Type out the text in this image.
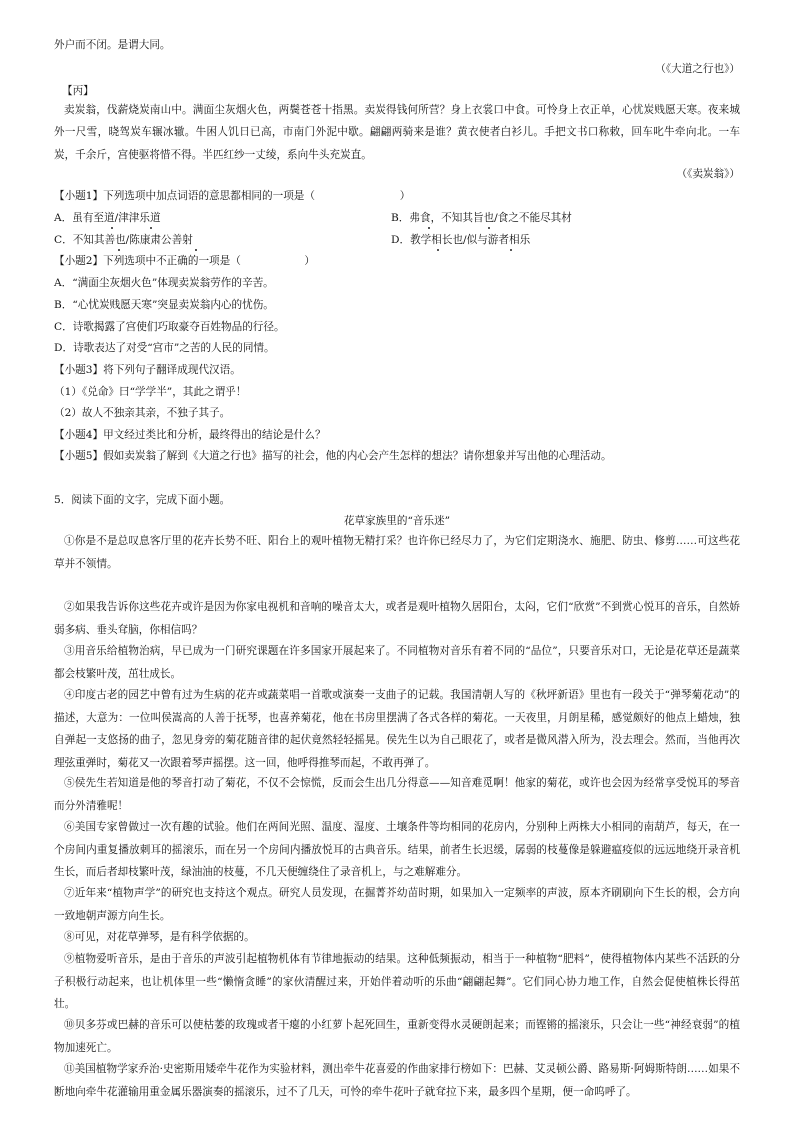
外户而不闭。是谓大同。
（《大道之行也》）
【丙】
卖炭翁，伐薪烧炭南山中。满面尘灰烟火色，两鬓苍苍十指黑。卖炭得钱何所营？身上衣裳口中食。可怜身上衣正单，心忧炭贱愿天寒。夜来城外一尺雪，晓驾炭车辗冰辙。牛困人饥日已高，市南门外泥中歇。翩翩两骑来是谁？黄衣使者白衫儿。手把文书口称敕，回车叱牛牵向北。一车炭，千余斤，宫使驱将惜不得。半匹红纱一丈绫，系向牛头充炭直。
（《卖炭翁》）
【小题1】下列选项中加点词语的意思都相同的一项是（　　　　　　　　）
A．虽有至道/津津乐道	B．弗食，不知其旨也/食之不能尽其材
C．不知其善也/陈康肃公善射	D．教学相长也/似与游者相乐
【小题2】下列选项中不正确的一项是（　　　　　　）
A．“满面尘灰烟火色”体现卖炭翁劳作的辛苦。
B．“心忧炭贱愿天寒”突显卖炭翁内心的忧伤。
C．诗歌揭露了宫使们巧取豪夺百姓物品的行径。
D．诗歌表达了对受“宫市”之苦的人民的同情。
【小题3】将下列句子翻译成现代汉语。
（1）《兑命》曰“学学半”，其此之谓乎！
（2）故人不独亲其亲，不独子其子。
【小题4】甲文经过类比和分析，最终得出的结论是什么？
【小题5】假如卖炭翁了解到《大道之行也》描写的社会，他的内心会产生怎样的想法？请你想象并写出他的心理活动。
5．阅读下面的文字，完成下面小题。
花草家族里的“音乐迷”
①你是不是总叹息客厅里的花卉长势不旺、阳台上的观叶植物无精打采？也许你已经尽力了，为它们定期浇水、施肥、防虫、修剪……可这些花草并不领情。
②如果我告诉你这些花卉或许是因为你家电视机和音响的噪音太大，或者是观叶植物久居阳台，太闷，它们“欣赏”不到赏心悦耳的音乐，自然娇弱多病、垂头耷脑，你相信吗？
③用音乐给植物治病，早已成为一门研究课题在许多国家开展起来了。不同植物对音乐有着不同的“品位”，只要音乐对口，无论是花草还是蔬菜都会枝繁叶茂，茁壮成长。
④印度古老的园艺中曾有过为生病的花卉或蔬菜唱一首歌或演奏一支曲子的记载。我国清朝人写的《秋坪新语》里也有一段关于“弹琴菊花动”的描述，大意为：一位叫侯嵩高的人善于抚琴，也喜养菊花，他在书房里摆满了各式各样的菊花。一天夜里，月朗星稀，感觉颇好的他点上蜡烛，独自弹起一支悠扬的曲子，忽见身旁的菊花随音律的起伏竟然轻轻摇晃。侯先生以为自己眼花了，或者是微风潜入所为，没去理会。然而，当他再次理弦重弹时，菊花又一次跟着琴声摇摆。这一回，他呼得推琴而起，不敢再弹了。
⑤侯先生若知道是他的琴音打动了菊花，不仅不会惊慌，反而会生出几分得意——知音难觅啊！他家的菊花，或许也会因为经常享受悦耳的琴音而分外清雅呢！
⑥美国专家曾做过一次有趣的试验。他们在两间光照、温度、湿度、土壤条件等均相同的花房内，分别种上两株大小相同的南葫芦，每天，在一个房间内重复播放刺耳的摇滚乐，而在另一个房间内播放悦耳的古典音乐。结果，前者生长迟缓，孱弱的枝蔓像是躲避瘟疫似的远远地绕开录音机生长，而后者却枝繁叶茂，绿油油的枝蔓，不几天便缠绕住了录音机上，与之难解难分。
⑦近年来“植物声学”的研究也支持这个观点。研究人员发现，在掘菁芥幼苗时期，如果加入一定频率的声波，原本齐刷刷向下生长的根，会方向一致地朝声源方向生长。
⑧可见，对花草弹琴，是有科学依据的。
⑨植物爱听音乐，是由于音乐的声波引起植物机体有节律地振动的结果。这种低频振动，相当于一种植物“肥料”，使得植物体内某些不活跃的分子积极行动起来，也让机体里一些“懒惰贪睡”的家伙清醒过来，开始伴着动听的乐曲“翩翩起舞”。它们同心协力地工作，自然会促使植株长得茁壮。
⑩贝多芬或巴赫的音乐可以使枯萎的玫瑰或者干瘪的小红萝卜起死回生，重新变得水灵硬朗起来；而铿锵的摇滚乐，只会让一些“神经衰弱”的植物加速死亡。
⑪美国植物学家乔治·史密斯用矮牵牛花作为实验材料，测出牵牛花喜爱的作曲家排行榜如下：巴赫、艾灵顿公爵、路易斯·阿姆斯特朗……如果不断地向牵牛花灌输用重金属乐器演奏的摇滚乐，过不了几天，可怜的牵牛花叶子就耷拉下来，最多四个星期，便一命呜呼了。
